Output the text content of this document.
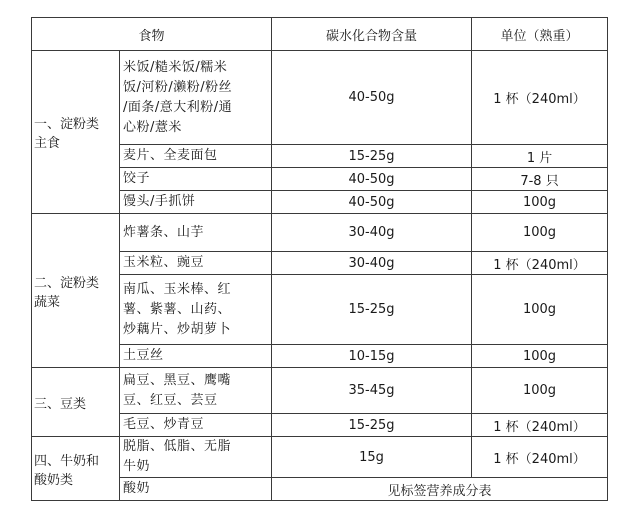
食物		碳水化合物含量	单位（熟重）
一、淀粉类
主食	米饭/糙米饭/糯米
饭/河粉/濑粉/粉丝
/面条/意大利粉/通
心粉/薏米	40-50g	1 杯（240ml）
	麦片、全麦面包	15-25g	1 片
	饺子	40-50g	7-8 只
	馒头/手抓饼	40-50g	100g
二、淀粉类
蔬菜	炸薯条、山芋	30-40g	100g
	玉米粒、豌豆	30-40g	1 杯（240ml）
	南瓜、玉米棒、红
薯、紫薯、山药、
炒藕片、炒胡萝卜	15-25g	100g
	土豆丝	10-15g	100g
三、豆类	扁豆、黑豆、鹰嘴
豆、红豆、芸豆	35-45g	100g
	毛豆、炒青豆	15-25g	1 杯（240ml）
四、牛奶和
酸奶类	脱脂、低脂、无脂
牛奶	15g	1 杯（240ml）
	酸奶	见标签营养成分表	
